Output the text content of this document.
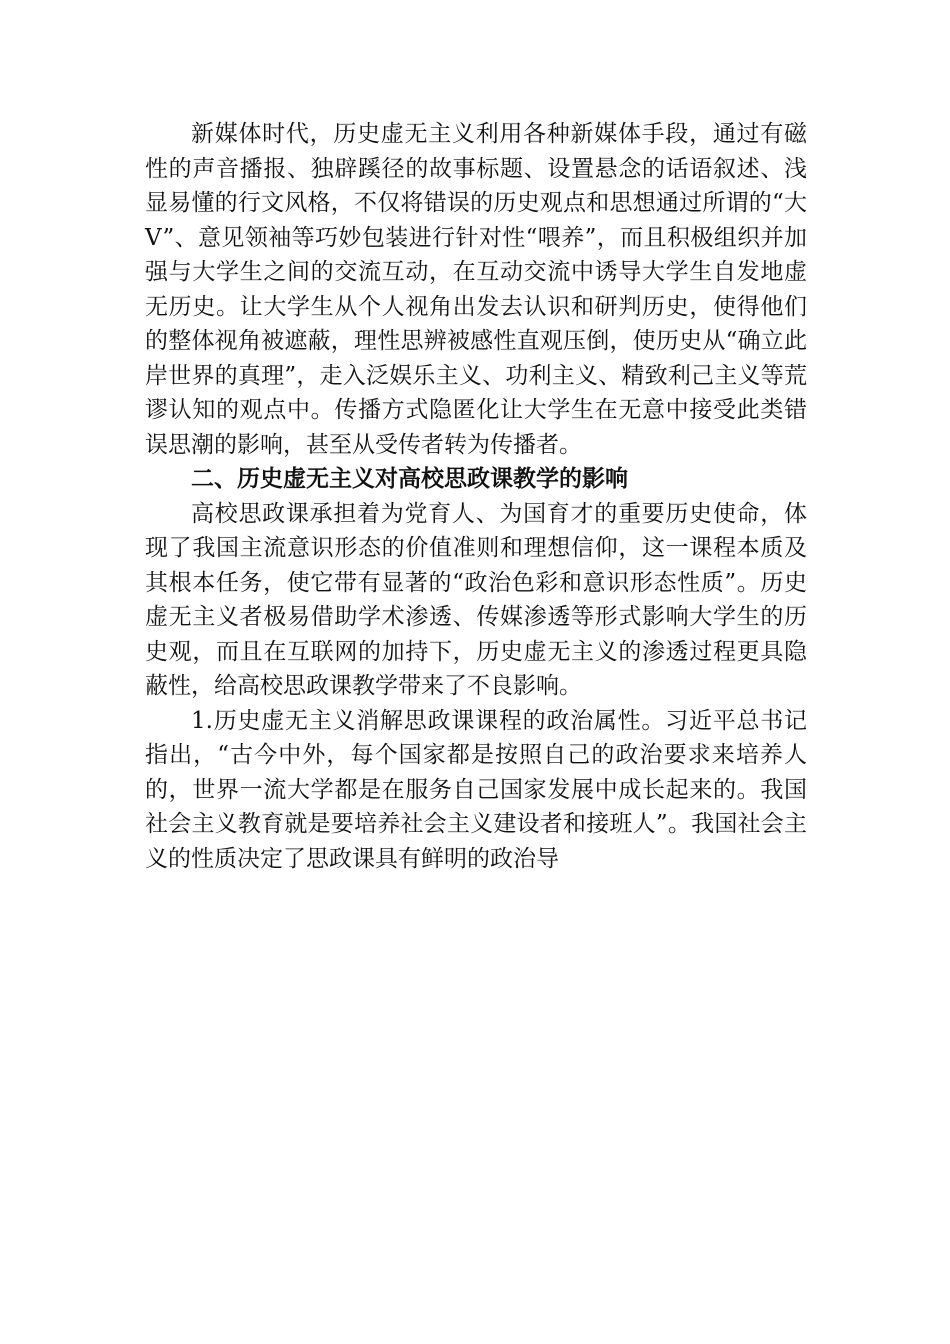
新媒体时代，历史虚无主义利用各种新媒体手段，通过有磁性的声音播报、独辟蹊径的故事标题、设置悬念的话语叙述、浅显易懂的行文风格，不仅将错误的历史观点和思想通过所谓的“大V”、意见领袖等巧妙包装进行针对性“喂养”，而且积极组织并加强与大学生之间的交流互动，在互动交流中诱导大学生自发地虚无历史。让大学生从个人视角出发去认识和研判历史，使得他们的整体视角被遮蔽，理性思辨被感性直观压倒，使历史从“确立此岸世界的真理”，走入泛娱乐主义、功利主义、精致利己主义等荒谬认知的观点中。传播方式隐匿化让大学生在无意中接受此类错误思潮的影响，甚至从受传者转为传播者。

二、历史虚无主义对高校思政课教学的影响

高校思政课承担着为党育人、为国育才的重要历史使命，体现了我国主流意识形态的价值准则和理想信仰，这一课程本质及其根本任务，使它带有显著的“政治色彩和意识形态性质”。历史虚无主义者极易借助学术渗透、传媒渗透等形式影响大学生的历史观，而且在互联网的加持下，历史虚无主义的渗透过程更具隐蔽性，给高校思政课教学带来了不良影响。

1.历史虚无主义消解思政课课程的政治属性。习近平总书记指出，“古今中外，每个国家都是按照自己的政治要求来培养人的，世界一流大学都是在服务自己国家发展中成长起来的。我国社会主义教育就是要培养社会主义建设者和接班人”。我国社会主义的性质决定了思政课具有鲜明的政治导
